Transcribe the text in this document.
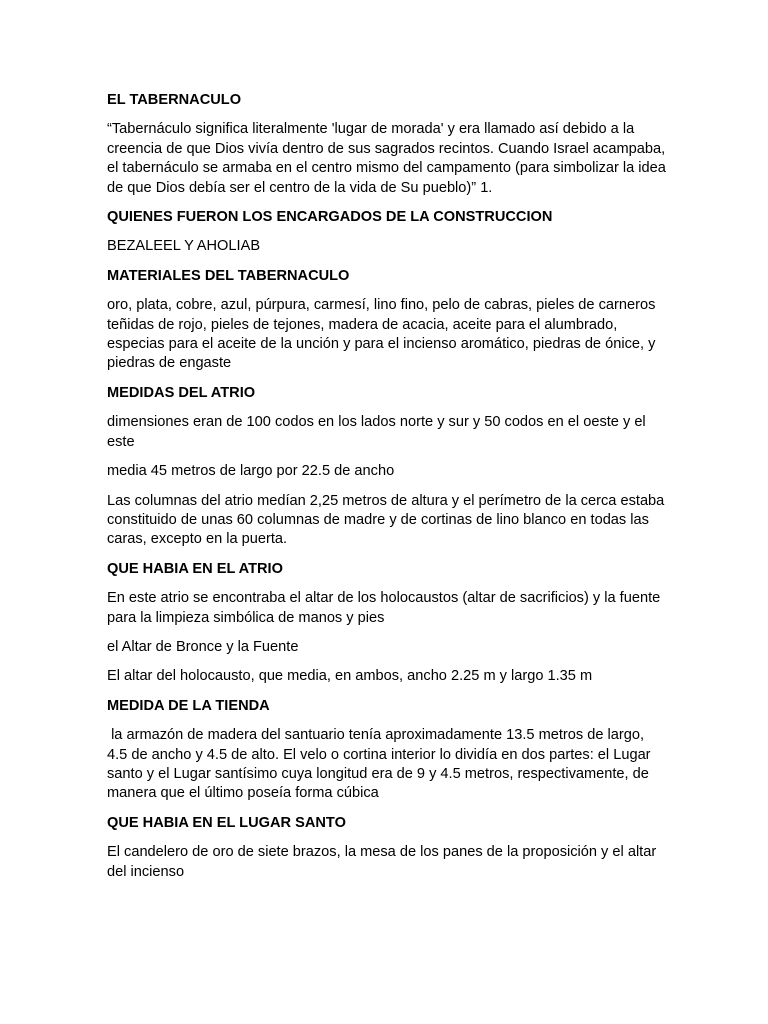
EL TABERNACULO
“Tabernáculo significa literalmente 'lugar de morada' y era llamado así debido a la creencia de que Dios vivía dentro de sus sagrados recintos. Cuando Israel acampaba, el tabernáculo se armaba en el centro mismo del campamento (para simbolizar la idea de que Dios debía ser el centro de la vida de Su pueblo)” 1.
QUIENES FUERON LOS ENCARGADOS DE LA CONSTRUCCION
BEZALEEL Y AHOLIAB
MATERIALES DEL TABERNACULO
oro, plata, cobre, azul, púrpura, carmesí, lino fino, pelo de cabras, pieles de carneros teñidas de rojo, pieles de tejones, madera de acacia, aceite para el alumbrado, especias para el aceite de la unción y para el incienso aromático, piedras de ónice, y piedras de engaste
MEDIDAS DEL ATRIO
dimensiones eran de 100 codos en los lados norte y sur y 50 codos en el oeste y el este
media 45 metros de largo por 22.5 de ancho
Las columnas del atrio medían 2,25 metros de altura y el perímetro de la cerca estaba constituido de unas 60 columnas de madre y de cortinas de lino blanco en todas las caras, excepto en la puerta.
QUE HABIA EN EL ATRIO
En este atrio se encontraba el altar de los holocaustos (altar de sacrificios) y la fuente para la limpieza simbólica de manos y pies
el Altar de Bronce y la Fuente
El altar del holocausto, que media, en ambos, ancho 2.25 m y largo 1.35 m
MEDIDA DE LA TIENDA
la armazón de madera del santuario tenía aproximadamente 13.5 metros de largo, 4.5 de ancho y 4.5 de alto. El velo o cortina interior lo dividía en dos partes: el Lugar santo y el Lugar santísimo cuya longitud era de 9 y 4.5 metros, respectivamente, de manera que el último poseía forma cúbica
QUE HABIA EN EL LUGAR SANTO
El candelero de oro de siete brazos, la mesa de los panes de la proposición y el altar del incienso
